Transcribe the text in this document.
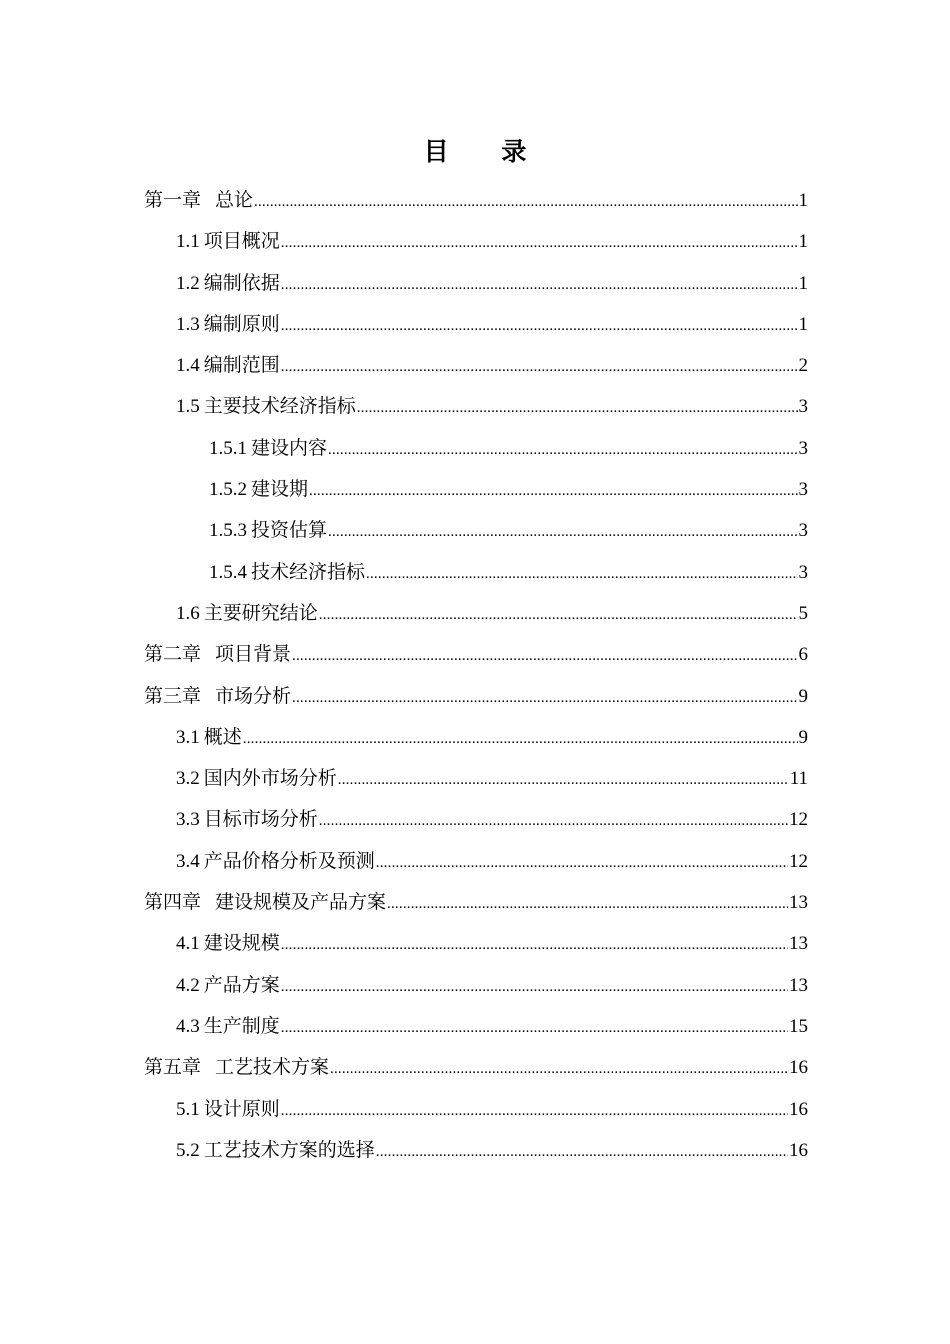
目 录
第一章 总论 .....	1
1.1 项目概况 .....	1
1.2 编制依据 .....	1
1.3 编制原则 .....	1
1.4 编制范围 .....	2
1.5 主要技术经济指标 .....	3
1.5.1 建设内容 .....	3
1.5.2 建设期 .....	3
1.5.3 投资估算 .....	3
1.5.4 技术经济指标 .....	3
1.6 主要研究结论 .....	5
第二章 项目背景 .....	6
第三章 市场分析 .....	9
3.1 概述 .....	9
3.2 国内外市场分析 .....	11
3.3 目标市场分析 .....	12
3.4 产品价格分析及预测 .....	12
第四章 建设规模及产品方案 .....	13
4.1 建设规模 .....	13
4.2 产品方案 .....	13
4.3 生产制度 .....	15
第五章 工艺技术方案 .....	16
5.1 设计原则 .....	16
5.2 工艺技术方案的选择 .....	16
